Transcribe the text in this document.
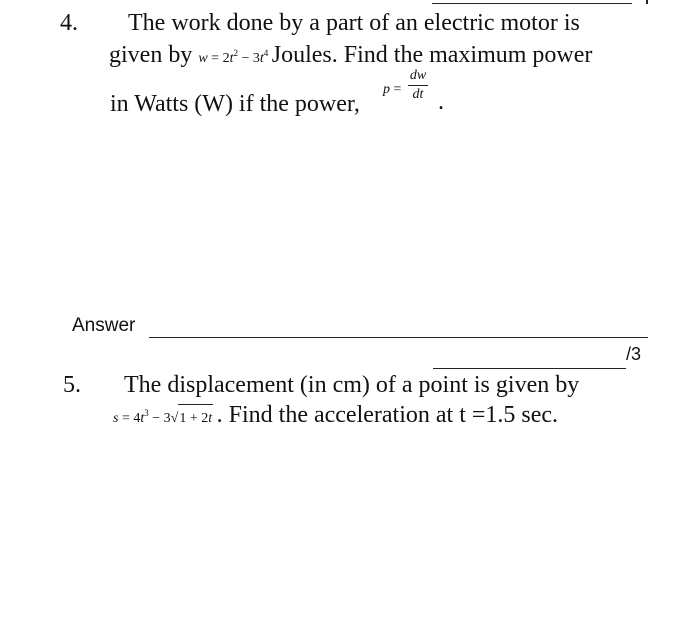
4. The work done by a part of an electric motor is
given by $w = 2t^2 - 3t^4$ Joules. Find the maximum power
in Watts (W) if the power,
p =
dw
dt .
Answer
/3
5. The displacement (in cm) of a point is given by
$s = 4t^3 - 3√1 + 2t$ . Find the acceleration at t =1.5 sec.
